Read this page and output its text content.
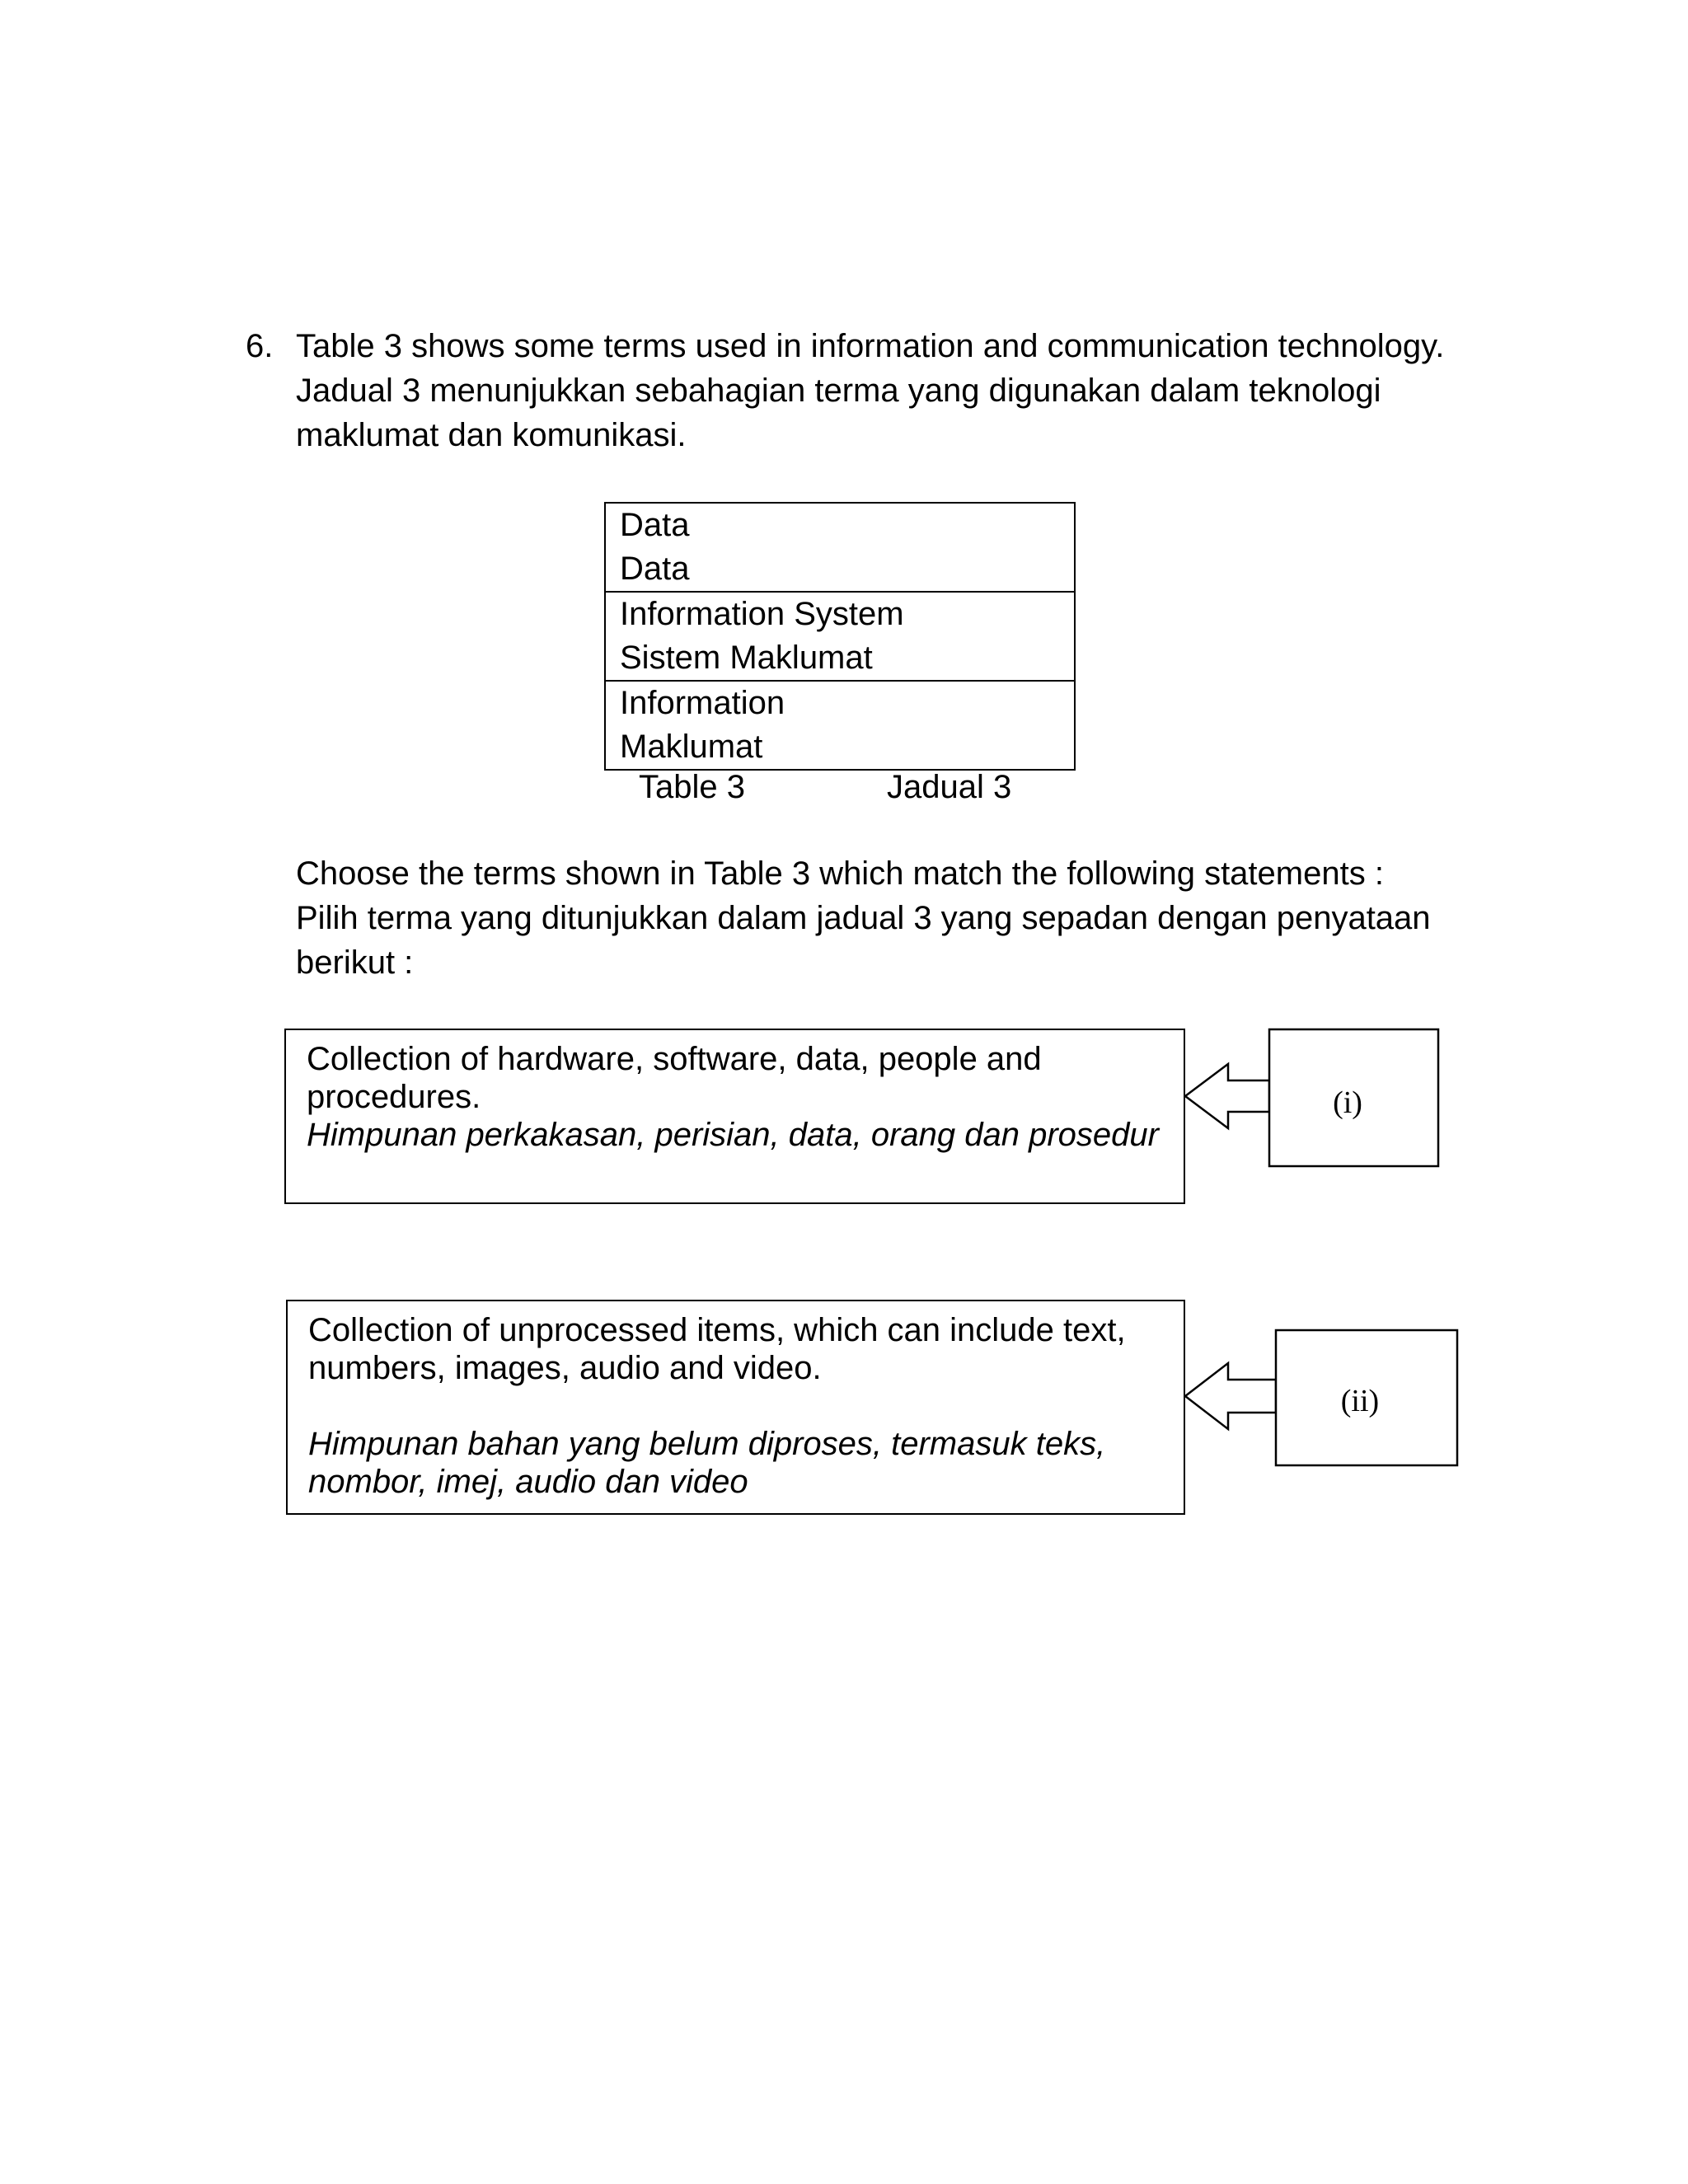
6. Table 3 shows some terms used in information and communication technology.
Jadual 3 menunjukkan sebahagian terma yang digunakan dalam teknologi
maklumat dan komunikasi.
Data
Data
Information System
Sistem Maklumat
Information
Maklumat
Table 3	Jadual 3
Choose the terms shown in Table 3 which match the following statements :
Pilih terma yang ditunjukkan dalam jadual 3 yang sepadan dengan penyataan
berikut :
Collection of hardware, software, data, people and
procedures.
Himpunan perkakasan, perisian, data, orang dan prosedur
Collection of unprocessed items, which can include text,
numbers, images, audio and video.
Himpunan bahan yang belum diproses, termasuk teks,
nombor, imej, audio dan video
(i)
(ii)
